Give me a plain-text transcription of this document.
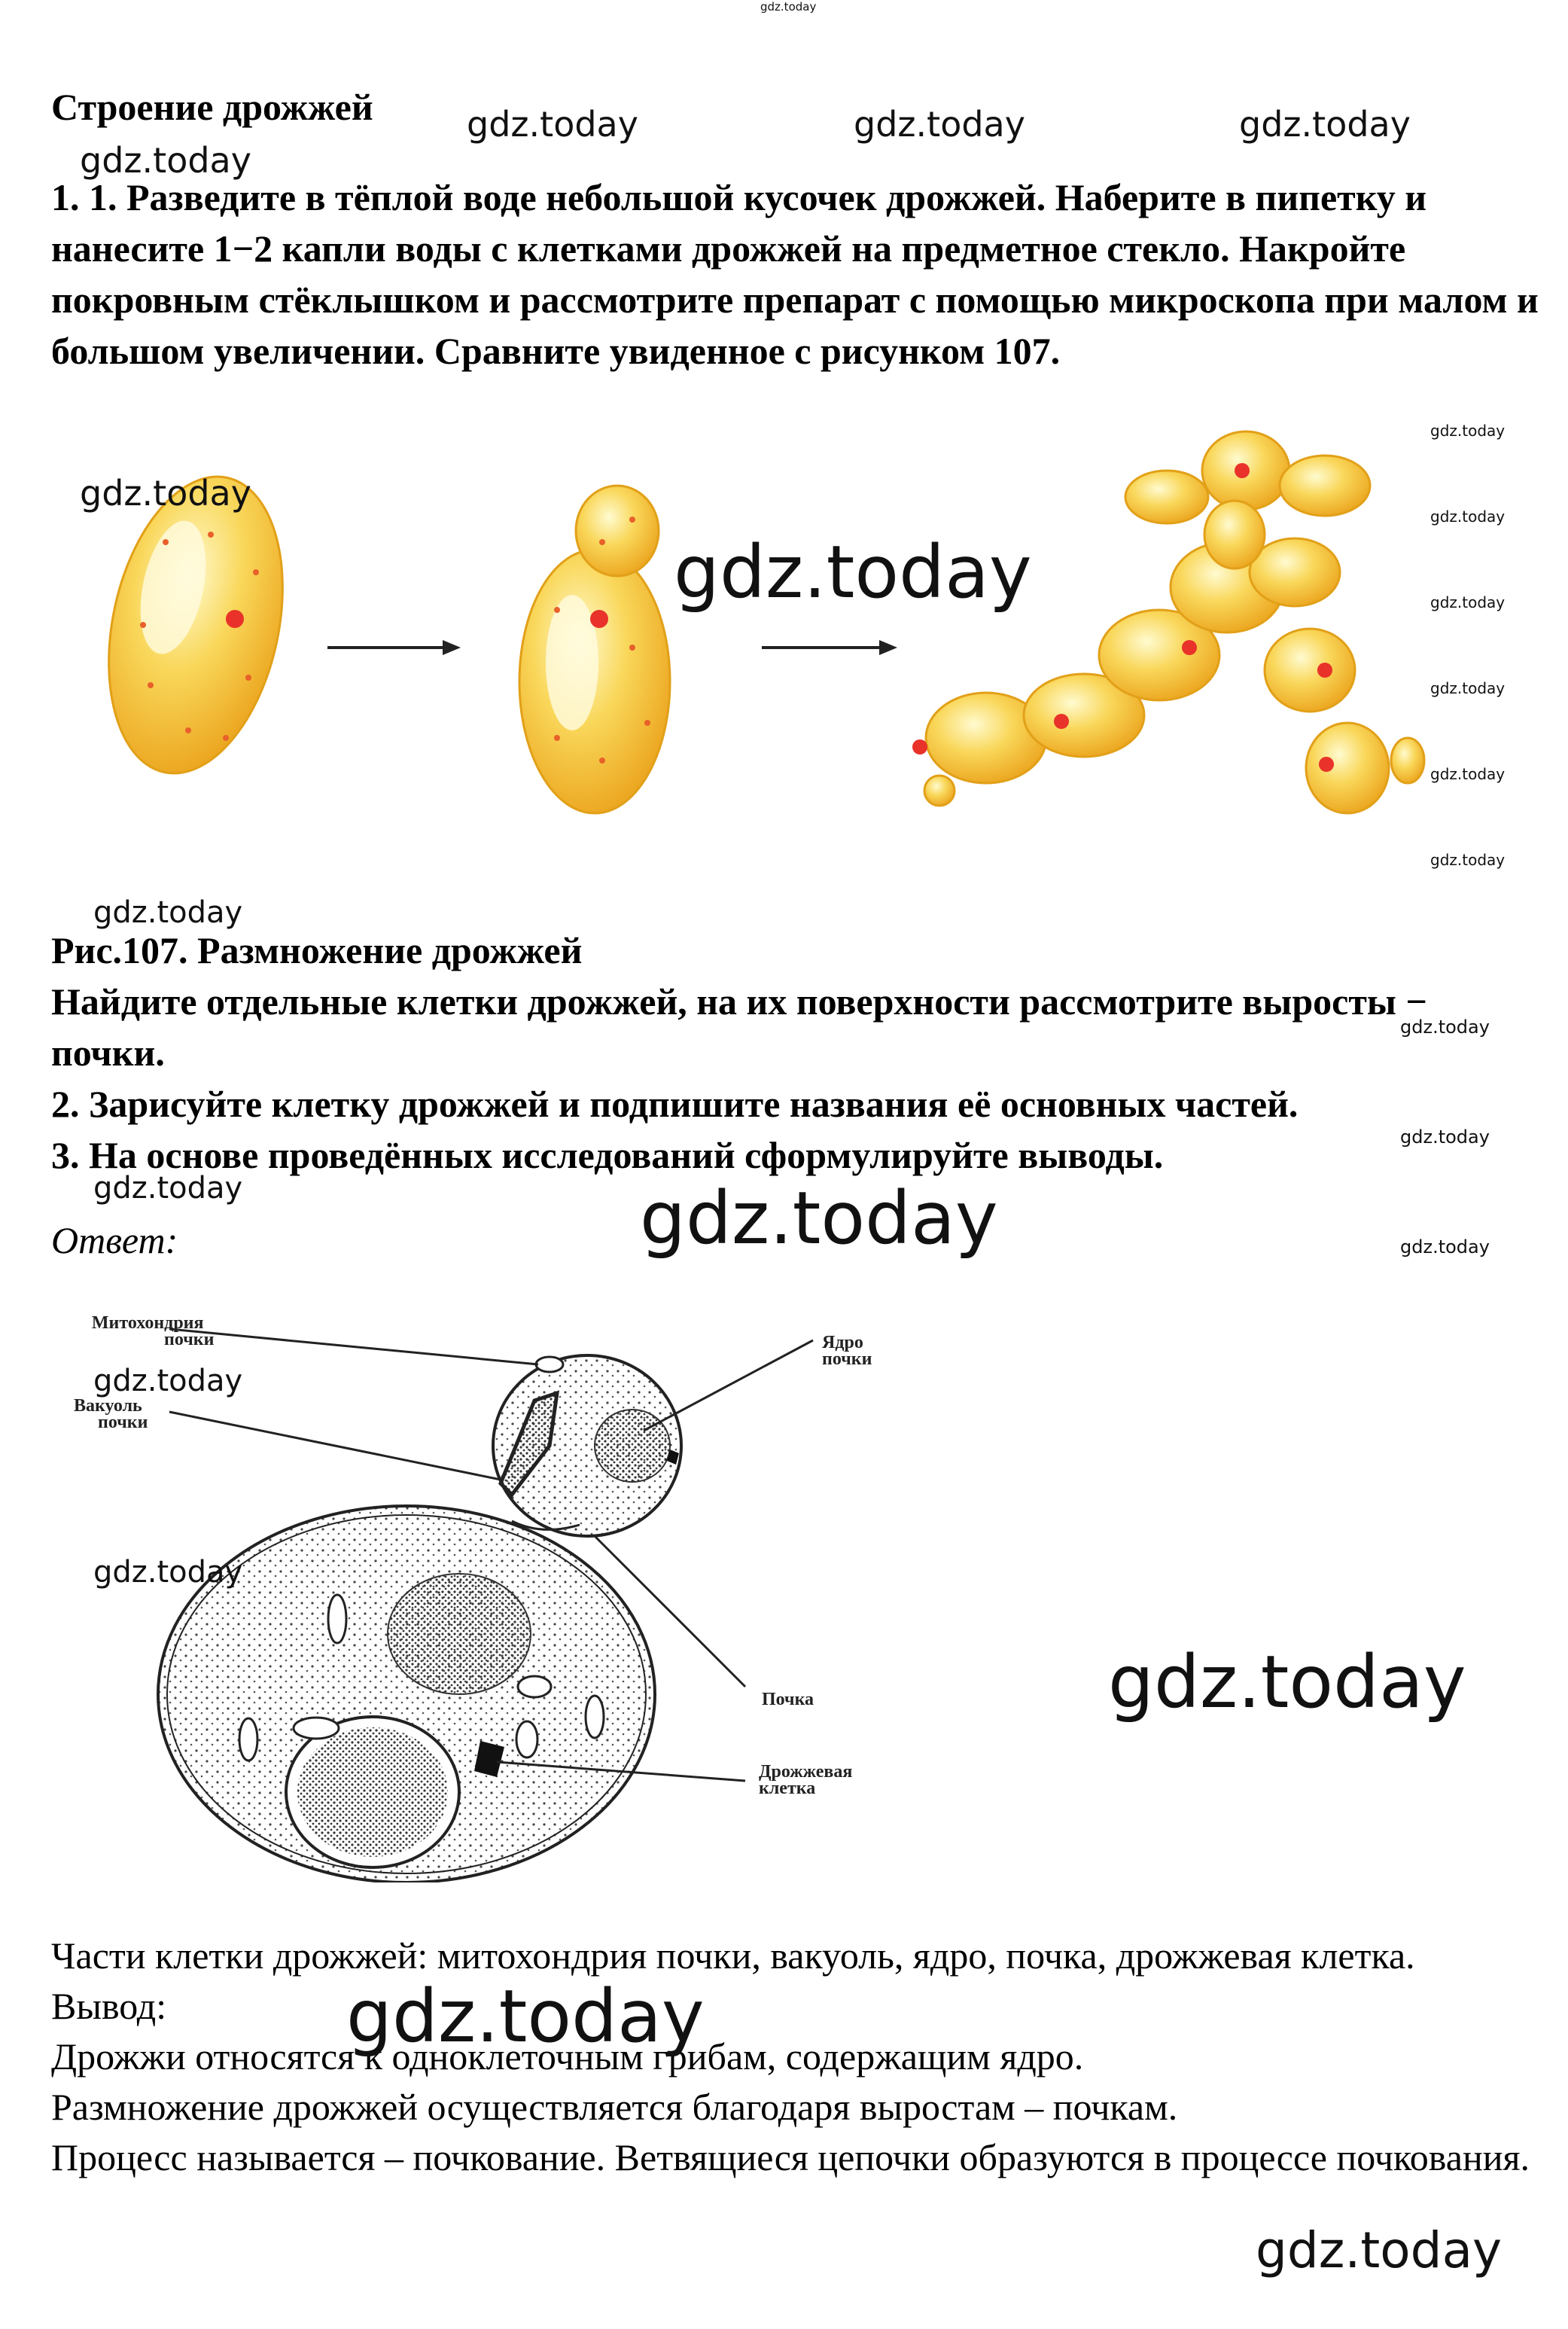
gdz.today
Строение дрожжей	gdz.today	gdz.today	gdz.today
gdz.today

1. 1. Разведите в тёплой воде небольшой кусочек дрожжей. Наберите в пипетку и нанесите 1−2 капли воды с клетками дрожжей на предметное стекло. Накройте покровным стёклышком и рассмотрите препарат с помощью микроскопа при малом и большом увеличении. Сравните увиденное с рисунком 107.

gdz.today
gdz.today
gdz.today
gdz.today
gdz.today
gdz.today
gdz.today
gdz.today
gdz.today

Рис.107. Размножение дрожжей

Найдите отдельные клетки дрожжей, на их поверхности рассмотрите выросты − почки.

2. Зарисуйте клетку дрожжей и подпишите названия её основных частей.

3. На основе проведённых исследований сформулируйте выводы.

gdz.today
gdz.today
gdz.today
Ответ:	gdz.today	gdz.today
Митохондрия
почки
Вакуоль
почки
Ядро
почки
Почка
Дрожжевая
клетка
gdz.today
gdz.today
gdz.today

Части клетки дрожжей: митохондрия почки, вакуоль, ядро, почка, дрожжевая клетка.

Вывод:

Дрожжи относятся к одноклеточным грибам, содержащим ядро.

Размножение дрожжей осуществляется благодаря выростам – почкам.

Процесс называется – почкование. Ветвящиеся цепочки образуются в процессе почкования.

gdz.today
gdz.today
